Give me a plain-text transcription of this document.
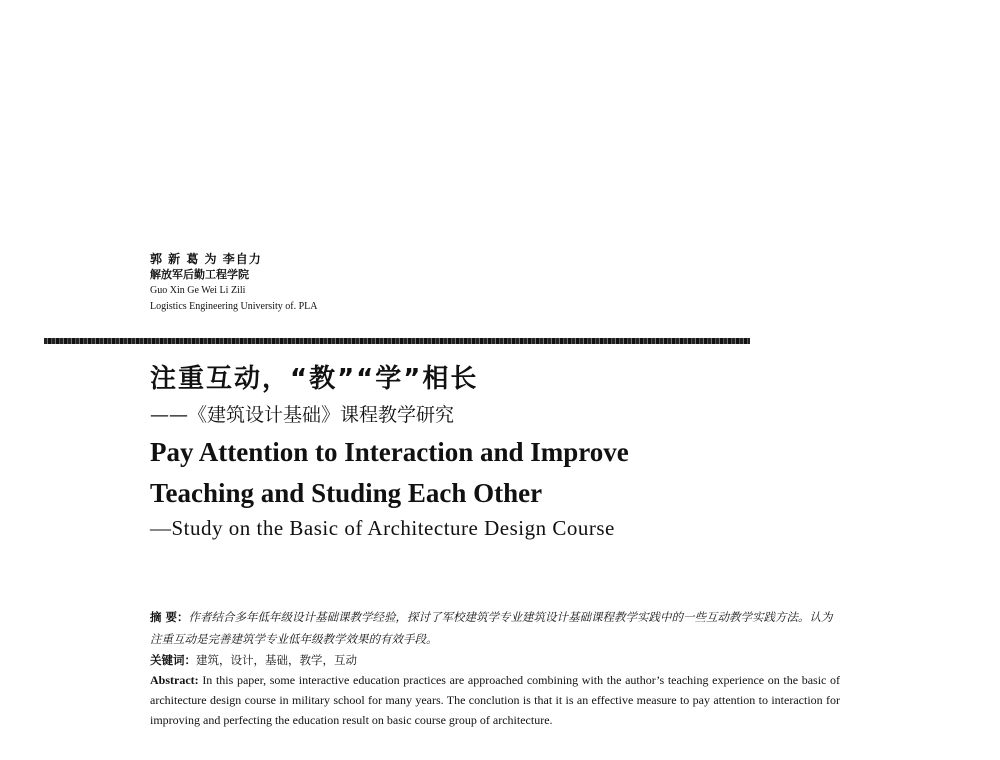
郭 新 葛 为 李自力
解放军后勤工程学院
Guo Xin Ge Wei Li Zili
Logistics Engineering University of. PLA
注重互动，“教”“学”相长
——《建筑设计基础》课程教学研究
Pay Attention to Interaction and Improve
Teaching and Studing Each Other
—Study on the Basic of Architecture Design Course
摘 要：作者结合多年低年级设计基础课教学经验，探讨了军校建筑学专业建筑设计基础课程教学实践中的一些互动教学实践方法。认为注重互动是完善建筑学专业低年级教学效果的有效手段。
关键词：建筑，设计，基础，教学，互动
Abstract: In this paper, some interactive education practices are approached combining with the author’s teaching experience on the basic of architecture design course in military school for many years. The conclution is that it is an effective measure to pay attention to interaction for improving and perfecting the education result on basic course group of architecture.
